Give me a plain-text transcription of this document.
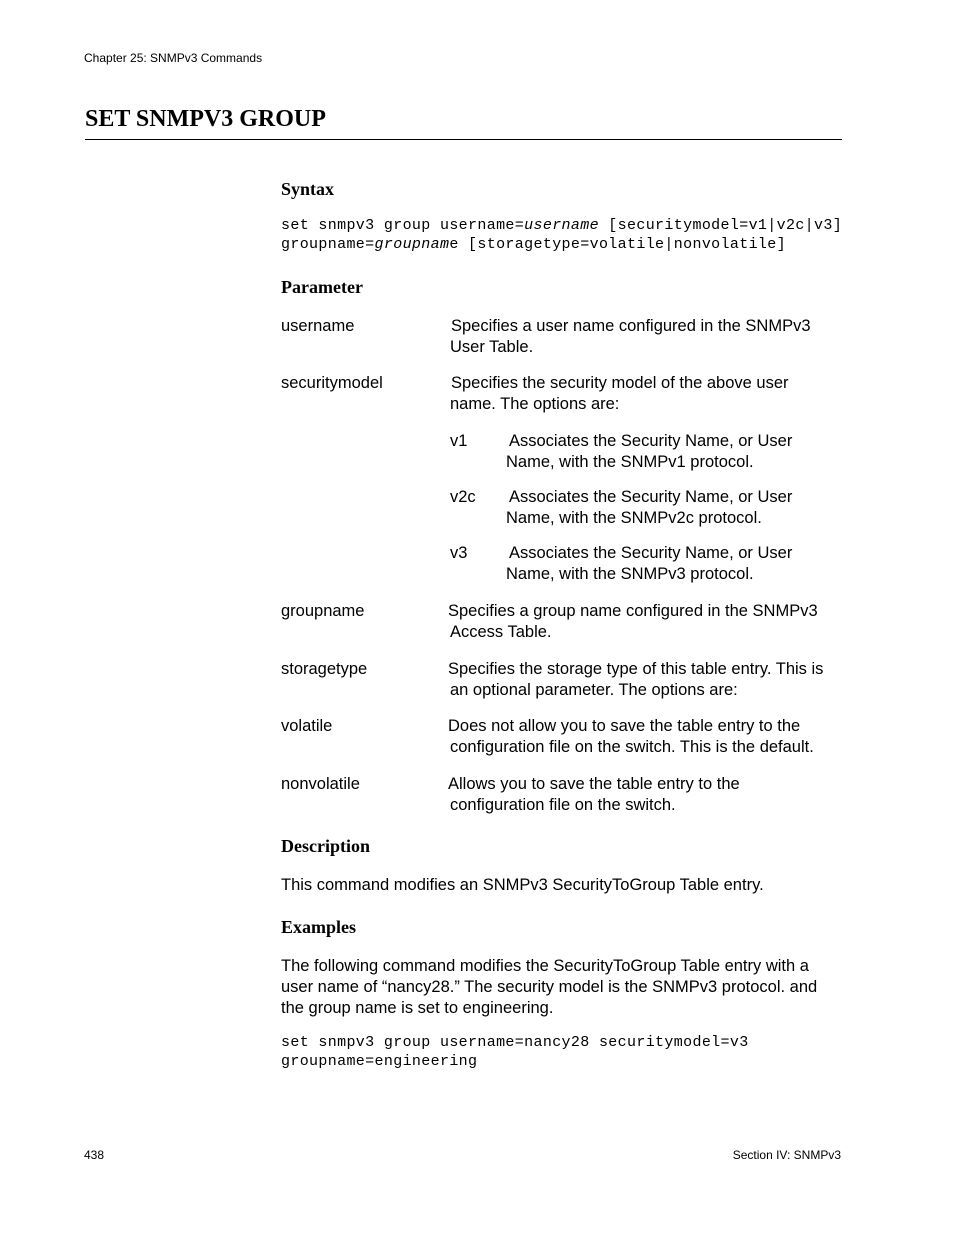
Chapter 25: SNMPv3 Commands
SET SNMPV3 GROUP
Syntax
set snmpv3 group username=username [securitymodel=v1|v2c|v3]
groupname=groupname [storagetype=volatile|nonvolatile]
Parameter
username	Specifies a user name configured in the SNMPv3
User Table.
securitymodel	Specifies the security model of the above user
name. The options are:
v1	Associates the Security Name, or User
Name, with the SNMPv1 protocol.
v2c Associates the Security Name, or User
Name, with the SNMPv2c protocol.
v3	Associates the Security Name, or User
Name, with the SNMPv3 protocol.
groupname	Specifies a group name configured in the SNMPv3
Access Table.
storagetype	Specifies the storage type of this table entry. This is
an optional parameter. The options are:
volatile	Does not allow you to save the table entry to the
configuration file on the switch. This is the default.
nonvolatile	Allows you to save the table entry to the
configuration file on the switch.
Description
This command modifies an SNMPv3 SecurityToGroup Table entry.
Examples
The following command modifies the SecurityToGroup Table entry with a
user name of “nancy28.” The security model is the SNMPv3 protocol. and
the group name is set to engineering.
set snmpv3 group username=nancy28 securitymodel=v3
groupname=engineering
438	Section IV: SNMPv3
